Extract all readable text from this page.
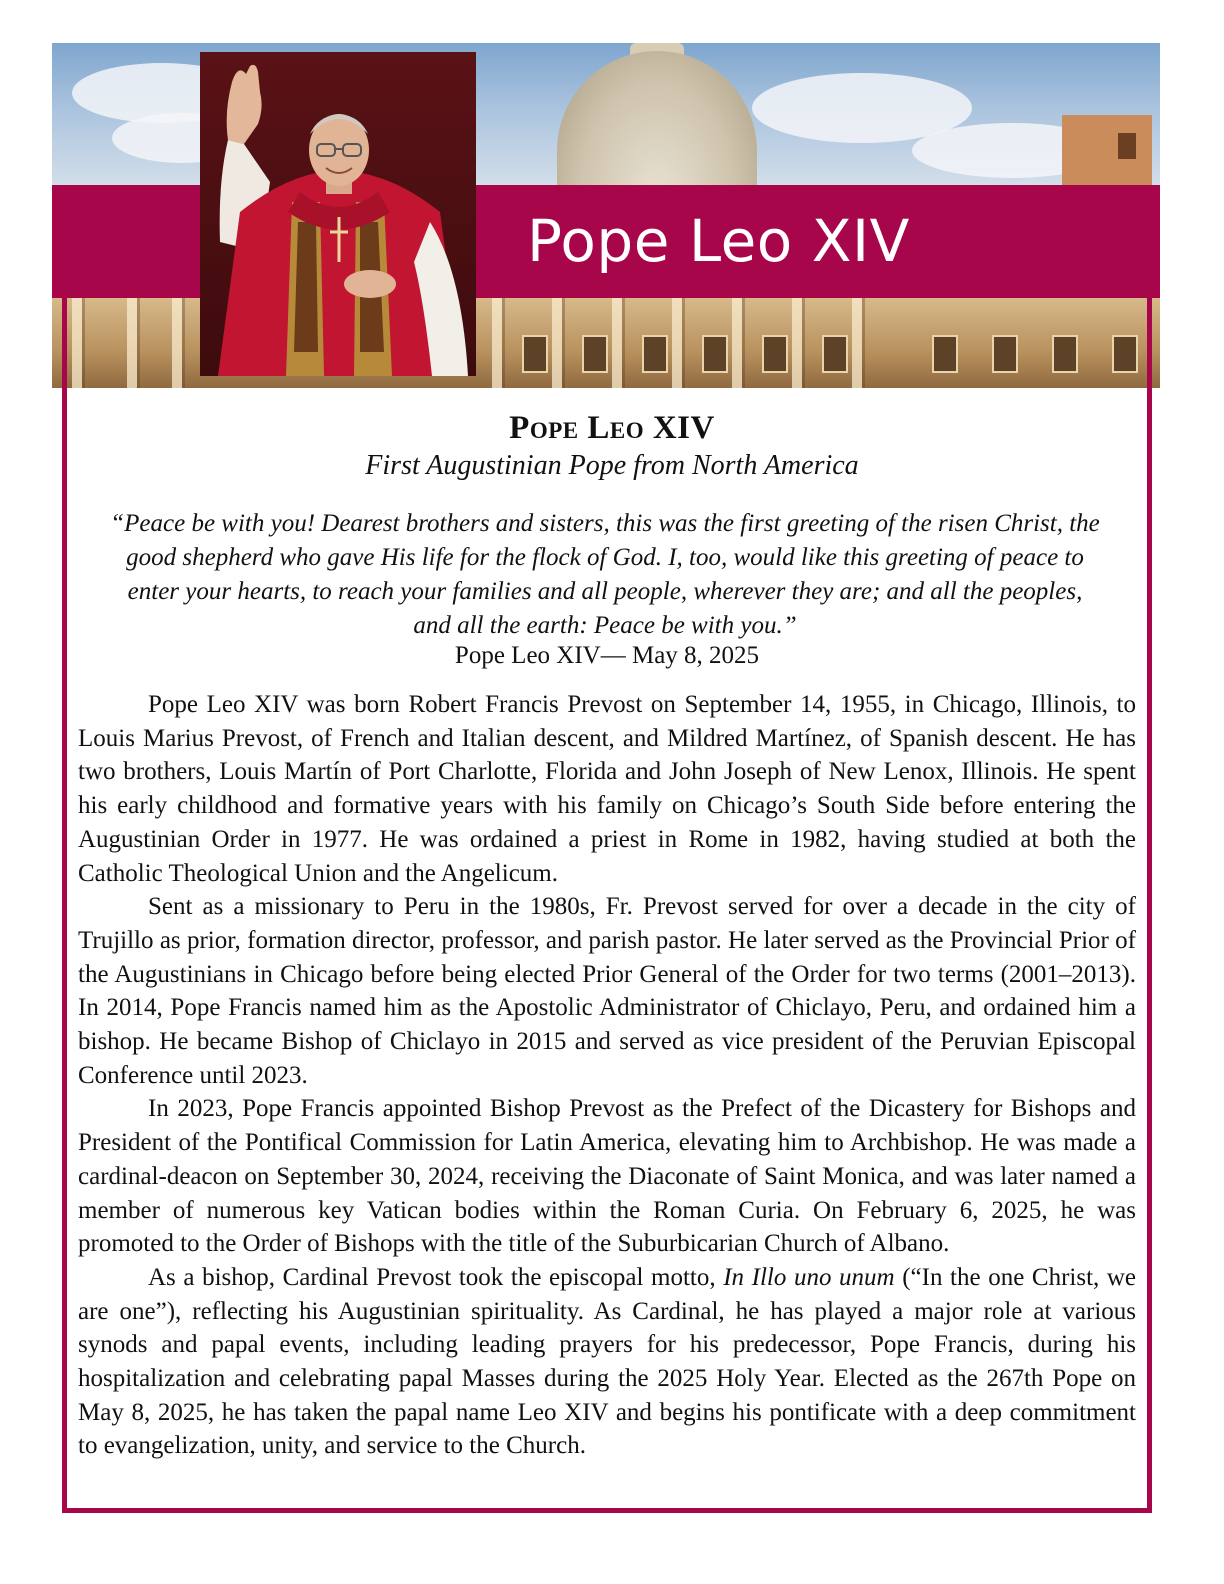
Pope Leo XIV
Pope Leo XIV
First Augustinian Pope from North America
“Peace be with you! Dearest brothers and sisters, this was the first greeting of the risen Christ, the good shepherd who gave His life for the flock of God. I, too, would like this greeting of peace to enter your hearts, to reach your families and all people, wherever they are; and all the peoples, and all the earth: Peace be with you.”
Pope Leo XIV— May 8, 2025

Pope Leo XIV was born Robert Francis Prevost on September 14, 1955, in Chicago, Illinois, to Louis Marius Prevost, of French and Italian descent, and Mildred Martínez, of Spanish descent. He has two brothers, Louis Martín of Port Charlotte, Florida and John Joseph of New Lenox, Illinois. He spent his early childhood and formative years with his family on Chicago’s South Side before entering the Augustinian Order in 1977. He was ordained a priest in Rome in 1982, having studied at both the Catholic Theological Union and the Angelicum.

Sent as a missionary to Peru in the 1980s, Fr. Prevost served for over a decade in the city of Trujillo as prior, formation director, professor, and parish pastor. He later served as the Provincial Prior of the Augustinians in Chicago before being elected Prior General of the Order for two terms (2001–2013). In 2014, Pope Francis named him as the Apostolic Administrator of Chiclayo, Peru, and ordained him a bishop. He became Bishop of Chiclayo in 2015 and served as vice president of the Peruvian Episcopal Conference until 2023.

In 2023, Pope Francis appointed Bishop Prevost as the Prefect of the Dicastery for Bishops and President of the Pontifical Commission for Latin America, elevating him to Archbishop. He was made a cardinal-deacon on September 30, 2024, receiving the Diaconate of Saint Monica, and was later named a member of numerous key Vatican bodies within the Roman Curia. On February 6, 2025, he was promoted to the Order of Bishops with the title of the Suburbicarian Church of Albano.

As a bishop, Cardinal Prevost took the episcopal motto, In Illo uno unum (“In the one Christ, we are one”), reflecting his Augustinian spirituality. As Cardinal, he has played a major role at various synods and papal events, including leading prayers for his predecessor, Pope Francis, during his hospitalization and celebrating papal Masses during the 2025 Holy Year. Elected as the 267th Pope on May 8, 2025, he has taken the papal name Leo XIV and begins his pontificate with a deep commitment to evangelization, unity, and service to the Church.
